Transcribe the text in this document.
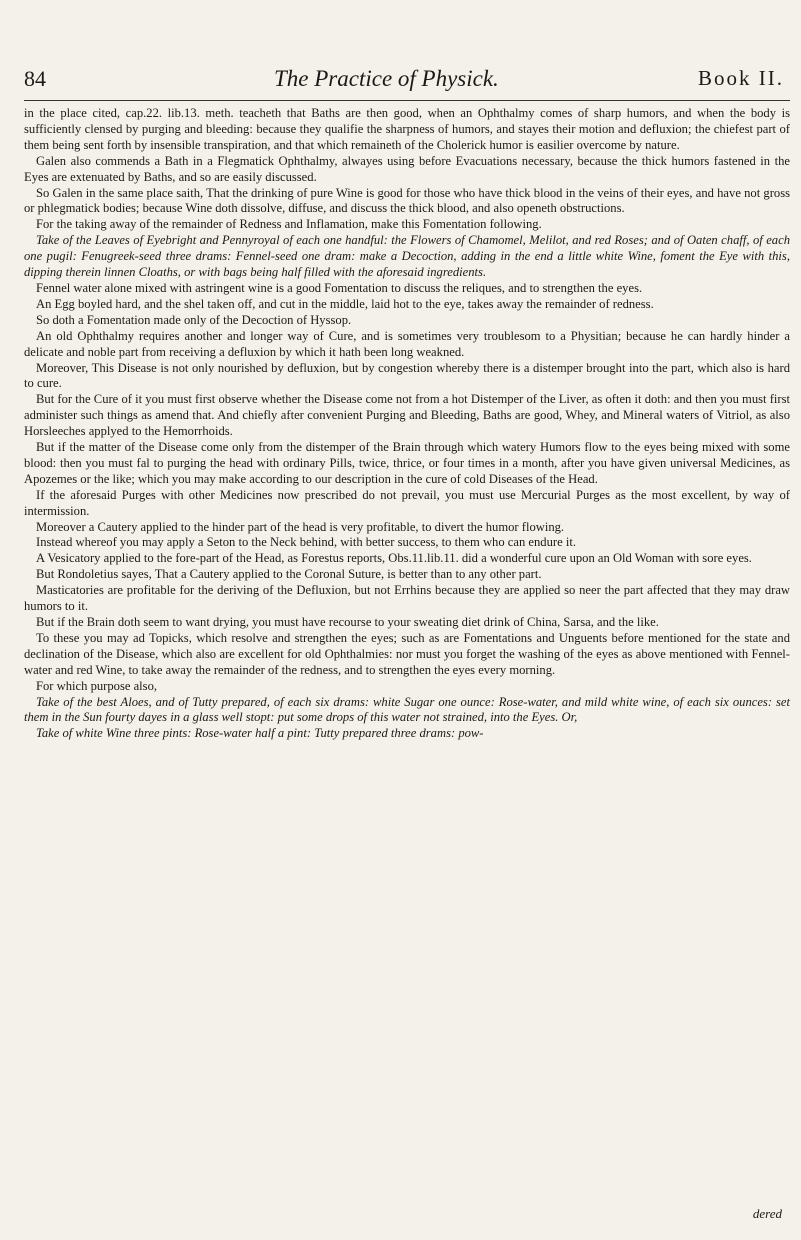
84	The Practice of Physick.	Book II.

in the place cited, cap.22. lib.13. meth. teacheth that Baths are then good, when an Ophthalmy comes of sharp humors, and when the body is sufficiently clensed by purging and bleeding: because they qualifie the sharpness of humors, and stayes their motion and defluxion; the chiefest part of them being sent forth by insensible transpiration, and that which remaineth of the Cholerick humor is easilier overcome by nature.

Galen also commends a Bath in a Flegmatick Ophthalmy, alwayes using before Evacuations necessary, because the thick humors fastened in the Eyes are extenuated by Baths, and so are easily discussed.

So Galen in the same place saith, That the drinking of pure Wine is good for those who have thick blood in the veins of their eyes, and have not gross or phlegmatick bodies; because Wine doth dissolve, diffuse, and discuss the thick blood, and also openeth obstructions.

For the taking away of the remainder of Redness and Inflamation, make this Fomentation following.

Take of the Leaves of Eyebright and Pennyroyal of each one handful: the Flowers of Chamomel, Melilot, and red Roses; and of Oaten chaff, of each one pugil: Fenugreek-seed three drams: Fennel-seed one dram: make a Decoction, adding in the end a little white Wine, foment the Eye with this, dipping therein linnen Cloaths, or with bags being half filled with the aforesaid ingredients.

Fennel water alone mixed with astringent wine is a good Fomentation to discuss the reliques, and to strengthen the eyes.

An Egg boyled hard, and the shel taken off, and cut in the middle, laid hot to the eye, takes away the remainder of redness.

So doth a Fomentation made only of the Decoction of Hyssop.

An old Ophthalmy requires another and longer way of Cure, and is sometimes very troublesom to a Physitian; because he can hardly hinder a delicate and noble part from receiving a defluxion by which it hath been long weakned.

Moreover, This Disease is not only nourished by defluxion, but by congestion whereby there is a distemper brought into the part, which also is hard to cure.

But for the Cure of it you must first observe whether the Disease come not from a hot Distemper of the Liver, as often it doth: and then you must first administer such things as amend that. And chiefly after convenient Purging and Bleeding, Baths are good, Whey, and Mineral waters of Vitriol, as also Horsleeches applyed to the Hemorrhoids.

But if the matter of the Disease come only from the distemper of the Brain through which watery Humors flow to the eyes being mixed with some blood: then you must fal to purging the head with ordinary Pills, twice, thrice, or four times in a month, after you have given universal Medicines, as Apozemes or the like; which you may make according to our description in the cure of cold Diseases of the Head.

If the aforesaid Purges with other Medicines now prescribed do not prevail, you must use Mercurial Purges as the most excellent, by way of intermission.

Moreover a Cautery applied to the hinder part of the head is very profitable, to divert the humor flowing.

Instead whereof you may apply a Seton to the Neck behind, with better success, to them who can endure it.

A Vesicatory applied to the fore-part of the Head, as Forestus reports, Obs.11.lib.11. did a wonderful cure upon an Old Woman with sore eyes.

But Rondoletius sayes, That a Cautery applied to the Coronal Suture, is better than to any other part.

Masticatories are profitable for the deriving of the Defluxion, but not Errhins because they are applied so neer the part affected that they may draw humors to it.

But if the Brain doth seem to want drying, you must have recourse to your sweating diet drink of China, Sarsa, and the like.

To these you may ad Topicks, which resolve and strengthen the eyes; such as are Fomentations and Unguents before mentioned for the state and declination of the Disease, which also are excellent for old Ophthalmies: nor must you forget the washing of the eyes as above mentioned with Fennel-water and red Wine, to take away the remainder of the redness, and to strengthen the eyes every morning.

For which purpose also,

Take of the best Aloes, and of Tutty prepared, of each six drams: white Sugar one ounce: Rose-water, and mild white wine, of each six ounces: set them in the Sun fourty dayes in a glass well stopt: put some drops of this water not strained, into the Eyes. Or,

Take of white Wine three pints: Rose-water half a pint: Tutty prepared three drams: pow-

dered
